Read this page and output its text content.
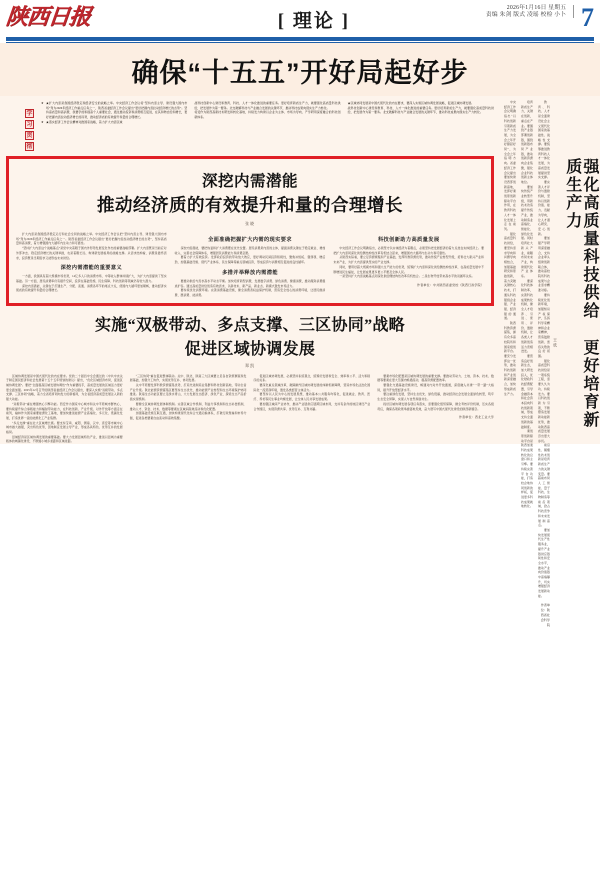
陕西日报	[ 理论 ]
2026年1月16日 星期五
责编 朱剑 版式 凌瑶 校检 小卜 7
确保“十五五”开好局起好步
强化高质量科技供给 更好培育新质生产力
王欣
中央经济工作会议明确指出“以科技创新引领新质生产力发展，为全会之年开好篇起好局”，为全会之年指明方向。省委经济工作会议提出要加快建设西部创新高地，发挥好秦创原创新驱动平台作用，在教育科技人才一体化发展上走在前列。
强化高质量科技供给，要坚持需求导向和问题导向相结合，加强基础研究和原始创新，着力突破关键核心技术，打通从科技强到企业强、产业强、经济强的通道。
陕西科教资源富集，拥有众多高校院所和国家级创新平台。要充分发挥这一优势，推动科技创新和产业创新深度融合，加快形成新质生产力。
培育新质生产力，关键在创新，重点在产业。要围绕产业链部署创新链，围绕创新链布局产业链，推动创新资源向企业集聚，强化企业科技创新主体地位。
要加快传统产业转型升级，用新技术改造提升传统产业，推动制造业高端化、智能化、绿色化发展。同时培育壮大新兴产业，前瞻布局未来产业，构建现代化产业体系。
要深化科技体制改革，完善科技成果转化机制，健全人才培养、引进、使用、评价、激励机制，让各类人才创新创造活力竞相迸发。
要营造良好创新生态，加大研发投入，优化财政科技经费配置，引导金融资本和社会资本投向科技创新领域，形成支持全面创新的基础制度。
秦创原创新驱动平台是陕西加速科技成果转化的总窗口和主引擎。要持续完善平台功能，打造校企地协同创新的样板，促进更多科技成果就地转化。
教育、科技、人才是全面建设社会主义现代化国家的基础性、战略性支撑。要统筹推进教育科技人才一体化发展，为高质量发展提供坚实支撑。
要完善人才评价与激励机制，坚持以创新价值、能力、贡献为导向，让人才潜心研究、安心创新。
要加强产学研用深度融合，支持企业牵头组建创新联合体，推动高校院所科技成果与企业需求精准对接。
要持续优化创新环境，加强知识产权保护，弘扬科学家精神和企业家精神，营造鼓励创新、宽容失败的良好氛围。
强化高质量科技供给是一项系统工程，需要久久为功、持续发力。要以科技创新为引领，不断塑造发展新动能新优势，推动陕西高质量发展迈出更大步伐。
前沿性、颠覆性技术创新是培育新质生产力的关键变量。要超前布局人工智能、量子科技、生物制造等前沿领域，抢占科技竞争和未来发展制高点。
要加快发展现代生产性服务业，提升产业链供应链韧性和安全水平，推动产业向价值链中高端攀升，切实增强经济发展新动能。
作者单位：陕西省社会科学院
学
习
贯
彻
★ ★扩大内需是我国经济稳定和经济安全的战略之举。中央经济工作会议将“坚持内需主导、建设强大国内市场”列为2026年经济工作重点任务之一，陕西省委经济工作会议提出“更好把握内需拉动经济增长的态势”。坚持高质量和高消费，我要学的和提高个人重要社会，通过推动投资和消费相互促进，在其和物自给和增长，更好把握内需拉动经济增长的趋势，推动经济质的有效提升和量的合理增长。
★ ★落实经济工作会议精神对推国家战略，着力扩大内需区域
战科技创新中心建设和教育、科技、人才一体化推进的重要任务。更好培育新质生产力，就要强化高质量科技供给，把发展作为第一要务。北支破解科技与产业融合发展的关键环节，推动科技成果向现实生产力转化。
将受作为陕西高新技术研发和转化基地，持续发力构建以企业为主体、市场为导向、产学研用深度融合的科技创新体系。
★区域协同发展是中国式现代化的内在要求，要深入实施区域协调发展战略，促进区域协调发展。
战科技创新中心建设和教育、科技、人才一体化推进的重要任务。更好培育新质生产力，就要强化高质量科技供给，把发展作为第一要务。北支破解科技与产业融合发展的关键环节，推动科技成果向现实生产力转化。
深挖内需潜能
推动经济质的有效提升和量的合理增长
张晓
扩大内需是我国经济稳定运行和社会全局的战略之举。中央经济工作会议把“坚持内需主导、建设强大国内市场”列为2026年经济工作重点任务之一。陕西省委经济工作会议提出“更好把握内需拉动经济增长的态势”，坚持高质量和高消费，着力增强国内大循环内生动力和可靠性。
“坚持扩大内需这个战略基点”是党中央着眼于国内外形势发展变化作出的重要战略部署。扩大内需既是当前应对外部冲击、稳定经济增长的关键举措，也是着眼长远、构建新发展格局的战略支撑。从需求结构看，消费是最终需求，投资既是当期需求又能形成未来供给。
深挖内需潜能的重要意义
一方面，我国具有超大规模市场优势，14亿多人口的消费市场、中等收入群体持续扩大，为扩大内需提供了坚实基础。另一方面，居民消费率仍有提升空间，投资在基础设施、民生保障、科技创新等领域仍有较大潜力。
深挖内需潜能，关键在于打通生产、分配、流通、消费各环节的堵点卡点，使国内大循环更加顺畅，推动经济实现质的有效提升和量的合理增长。
全面准确把握扩大内需的现实要求
深挖内需潜能，要把恢复和扩大消费摆在优先位置。居民消费是内需的主体，提振消费关键在于稳定就业、增加收入、完善社会保障体系，增强居民消费能力和消费意愿。
要着力扩大有效投资。发挥政府投资的带动放大效应，更好调动民间投资积极性，聚焦补短板、强弱项、增后劲，加强基础设施、现代产业体系、民生保障等重点领域投资，形成投资与消费相互促进的良性循环。
多措并举释放内需潜能
要推动供给与需求高水平动态平衡。加快培育新型消费，发展数字消费、绿色消费、健康消费，推动服务消费提质扩容。通过高质量供给创造有效需求，以新技术、新产品、新业态、新模式激发市场活力。
要持续优化消费环境。完善消费基础设施，健全消费者权益保护机制，营造安全放心的消费环境，让居民敢消费、愿消费、能消费。
科技创新助力高质量发展
中央经济工作会议明确指出，必须坚守以实体经济为着眼点，必须坚持把发展经济的着力点放在实体经济上。要把扩大内需同深化供给侧结构性改革有机结合起来，增强国内大循环内生动力和可靠性。
从陕西实际看，要立足资源禀赋和产业基础，发挥科教资源优势，推动传统产业转型升级，培育壮大新兴产业和未来产业，为扩大内需提供坚实的产业支撑。
同时，要用好超大规模市场和强大生产能力的优势，统筹扩大内需和深化供给侧结构性改革，在高质量发展中不断增进民生福祉，让发展成果更多更公平惠及全体人民。
一是坚持扩大内需战略基点同深化供给侧结构性改革有机结合。二是生物开放带来高水平的双循环关系。
作者单位：中共陕西省委党校（陕西行政学院）
实施“双极带动、多点支撑、三区协同”战略
促进区域协调发展
郑凯
区域协调发展是中国式现代化的内在要求。党的二十届四中全会通过的《中共中央关于制定国民经济和社会发展第十五个五年规划的建议》提出，“优化区域经济布局，促进区域协调发展”。要把“全面提高区域发展协调性”作为重要抓手，高质量发展的区域活力更好更全面加强。2025年12月召开的陕西省委经济工作会议提出，要深入实施“双极带动、多点支撑、三区协同”战略，着力全省培育同向发力的新格局，为全省经济高质量发展注入新的强大动能。
“双极带动”重在增强核心引擎功能。西安作为国家中心城市和关中平原城市群核心，要持续提升综合承载能力和辐射带动能力，在科技创新、产业升级、对外开放等方面走在前列，榆林作为国家重要能源化工基地，要加快推进能源产业高端化、多元化、低碳化发展，打造世界一流的能源化工产业集群。
“多点支撑”重在壮大区域增长极。要支持宝鸡、咸阳、渭南、汉中、延安等市域中心城市做大做强，突出特色优势，因地制宜发展主导产业，形成各具特色、优势互补的发展格局。
县域经济是区域协调发展的重要基础。要大力发展县域特色产业，推进以县城为重要载体的城镇化建设，不断缩小城乡差距和区域差距。
“三区协同”重在促进整体联动。关中、陕北、陕南三大区域要立足各自资源禀赋和发展基础，加强分工协作，实现优势互补、协同发展。
关中平原要发挥科教资源富集优势，打造先进制造业集群和科技创新高地，带动全省产业升级。陕北能源资源富集区要坚持生态优先，推动能源产业转型和生态环境保护协同推进。陕南生态功能区要立足绿水青山，大力发展生态经济、绿色产业，探索生态产品价值实现机制。
要健全区域协调发展体制机制。完善区域合作机制、利益分享机制和生态补偿机制，推动人才、资金、技术、数据等要素在区域间高效流动和优化配置。
加强基础设施互联互通，加快构建现代化综合交通运输体系，打破行政壁垒和市场分割，促进各类要素自由流动和高效集聚。
促进区域协调发展，必须坚持系统观念，统筹好发展和安全、效率和公平、活力和秩序的关系。
要深化重点领域改革，破除制约区域协调发展的体制机制障碍，营造市场化法治化国际化一流营商环境，激发各类经营主体活力。
要坚持以人民为中心的发展思想，推动基本公共服务均等化，促进就业、教育、医疗、养老等民生事业均衡发展，让全体人民共享发展成果。
要加强区域间产业协作，推动产业链供应链跨区域布局，支持有条件的地区建设产业合作园区，实现资源共享、优势互补、互利共赢。
要素市场化配置是区域协调发展的重要支撑。要推动劳动力、土地、资本、技术、数据等要素在更大范围内畅通流动，提高资源配置效率。
要强化交通基础设施建设，畅通对内对外开放通道，深度融入共建“一带一路”大格局，提升开放型经济水平。
要注重绿色发展，坚持生态优先、绿色低碳，推动经济社会发展全面绿色转型，筑牢生态安全屏障，实现人与自然和谐共生。
抓好区域协调发展各项任务落实，需要强化组织保障，健全考核评价机制，压实各级责任，确保各项政策举措落地见效，奋力谱写中国式现代化建设的陕西新篇章。
作者单位：西北工业大学
